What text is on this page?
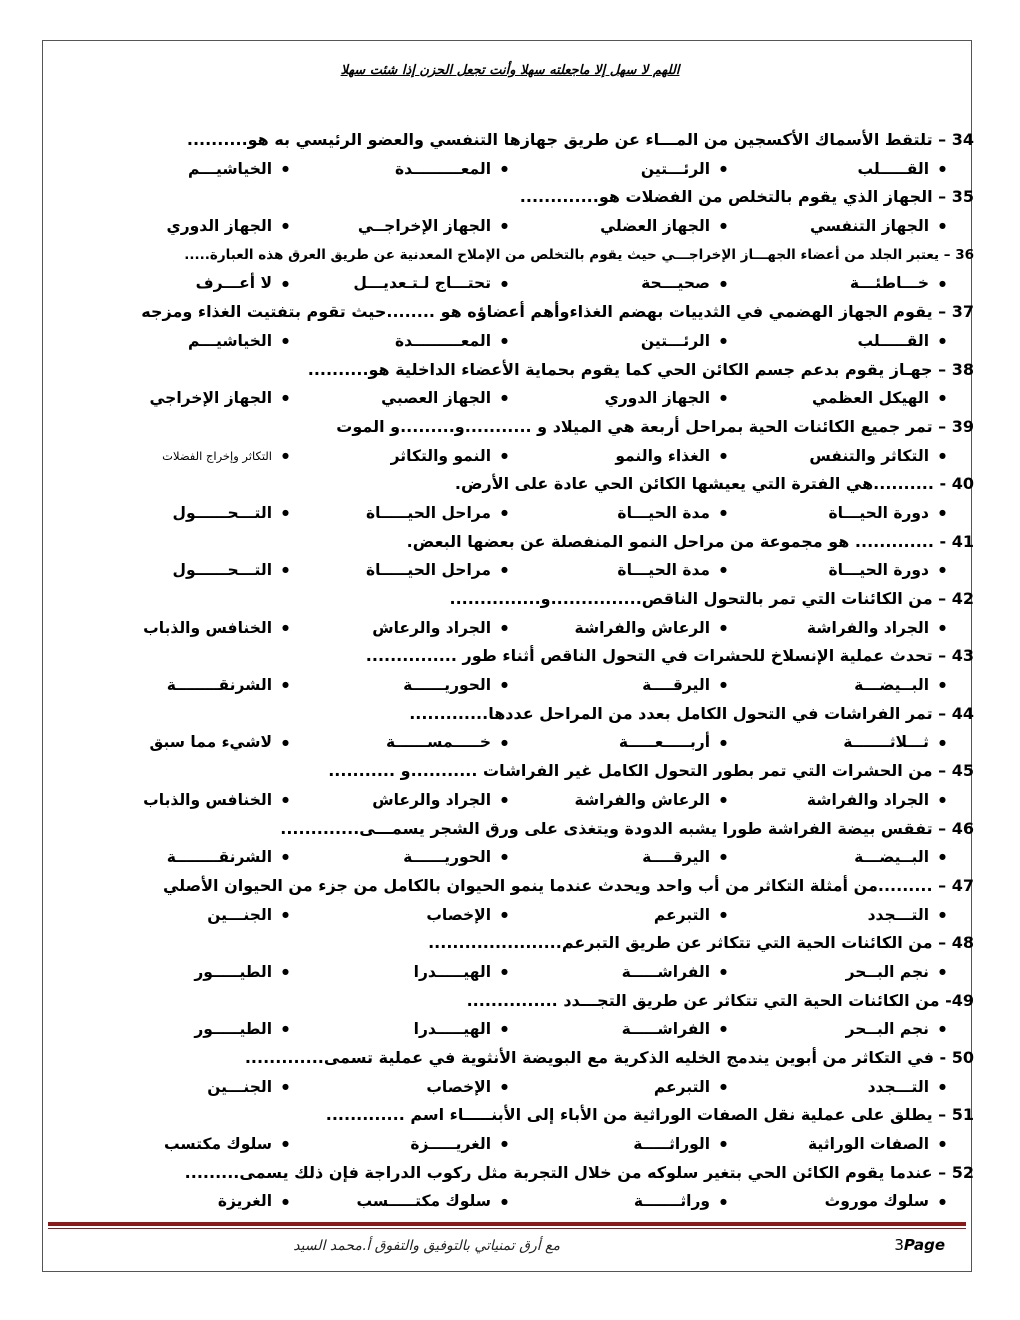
اللهم لا سهل إلا ماجعلته سهلا وأنت تجعل الحزن إذا شئت سهلا
34 – تلتقط الأسماك الأكسجين من المـــاء عن طريق جهازها التنفسي والعضو الرئيسي به هو..........
● القـــــلب
● الرئـــتين
● المعـــــــــدة
● الخياشيـــم
35 – الجهاز الذي يقوم بالتخلص من الفضلات هو.............
● الجهاز التنفسي
● الجهاز العضلي
● الجهاز الإخراجــي
● الجهاز الدوري
36 – يعتبر الجلد من أعضاء الجهـــاز الإخراجـــي حيث يقوم بالتخلص من الإملاح المعدنية عن طريق العرق هذه العبارة.....
● خـــاطئـــة
● صحيـــحة
● تحتـــاج لـتـعديـــل
● لا أعـــرف
37 – يقوم الجهاز الهضمي في الثدييات بهضم الغذاءوأهم أعضاؤه هو ........حيث تقوم بتفتيت الغذاء ومزجه
● القـــــلب
● الرئـــتين
● المعـــــــــدة
● الخياشيـــم
38 – جهـاز يقوم بدعم جسم الكائن الحي كما يقوم بحماية الأعضاء الداخلية هو..........
● الهيكل العظمي
● الجهاز الدوري
● الجهاز العصبي
● الجهاز الإخراجي
39 – تمر جميع الكائنات الحية بمراحل أربعة هي الميلاد و ...........و.........و الموت
● التكاثر والتنفس
● الغذاء والنمو
● النمو والتكاثر
● التكاثر وإخراج الفضلات
40 - ..........هي الفترة التي يعيشها الكائن الحي عادة على الأرض.
● دورة الحيـــاة
● مدة الحيـــاة
● مراحل الحيـــــاة
● التـــحــــــول
41 - ............. هو مجموعة من مراحل النمو المنفصلة عن بعضها البعض.
● دورة الحيـــاة
● مدة الحيـــاة
● مراحل الحيـــــاة
● التـــحــــــول
42 – من الكائنات التي تمر بالتحول الناقص...............و...............
● الجراد والفراشة
● الرعاش والفراشة
● الجراد والرعاش
● الخنافس والذباب
43 – تحدث عملية الإنسلاخ للحشرات في التحول الناقص أثناء طور ...............
● البــيضـــة
● اليرقــــة
● الحوريــــــة
● الشرنقــــــــة
44 – تمر الفراشات في التحول الكامل بعدد من المراحل عددها.............
● ثـــلاثـــــــة
● أربـــــعـــــة
● خـــــمســــــة
● لاشيء مما سبق
45 – من الحشرات التي تمر بطور التحول الكامل غير الفراشات ...........و ...........
● الجراد والفراشة
● الرعاش والفراشة
● الجراد والرعاش
● الخنافس والذباب
46 – تفقس بيضة الفراشة طورا يشبه الدودة ويتغذى على ورق الشجر يسمـــى.............
● البــيضـــة
● اليرقــــة
● الحوريــــــة
● الشرنقــــــــة
47 – .........من أمثلة التكاثر من أب واحد ويحدث عندما ينمو الحيوان بالكامل من جزء من الحيوان الأصلي
● التـــجدد
● التبرعم
● الإخصاب
● الجنـــين
48 – من الكائنات الحية التي تتكاثر عن طريق التبرعم......................
● نجم البــحر
● الفراشـــــة
● الهيـــــدرا
● الطيـــــور
49- من الكائنات الحية التي تتكاثر عن طريق التجـــدد ...............
● نجم البــحر
● الفراشـــــة
● الهيـــــدرا
● الطيـــــور
50 - في التكاثر من أبوين يندمج الخليه الذكرية مع البويضة الأنثوية في عملية تسمى.............
● التـــجدد
● التبرعم
● الإخصاب
● الجنـــين
51 – يطلق على عملية نقل الصفات الوراثية من الأباء إلى الأبنـــــاء اسم .............
● الصفات الوراثية
● الوراثـــــة
● الغريـــــزة
● سلوك مكتسب
52 – عندما يقوم الكائن الحي بتغير سلوكه من خلال التجربة مثل ركوب الدراجة فإن ذلك يسمى.........
● سلوك موروث
● وراثـــــــة
● سلوك مكتـــــسب
● الغريزة
مع أرق تمنياتي بالتوفيق والتفوق أ.محمد السيد	3Page
